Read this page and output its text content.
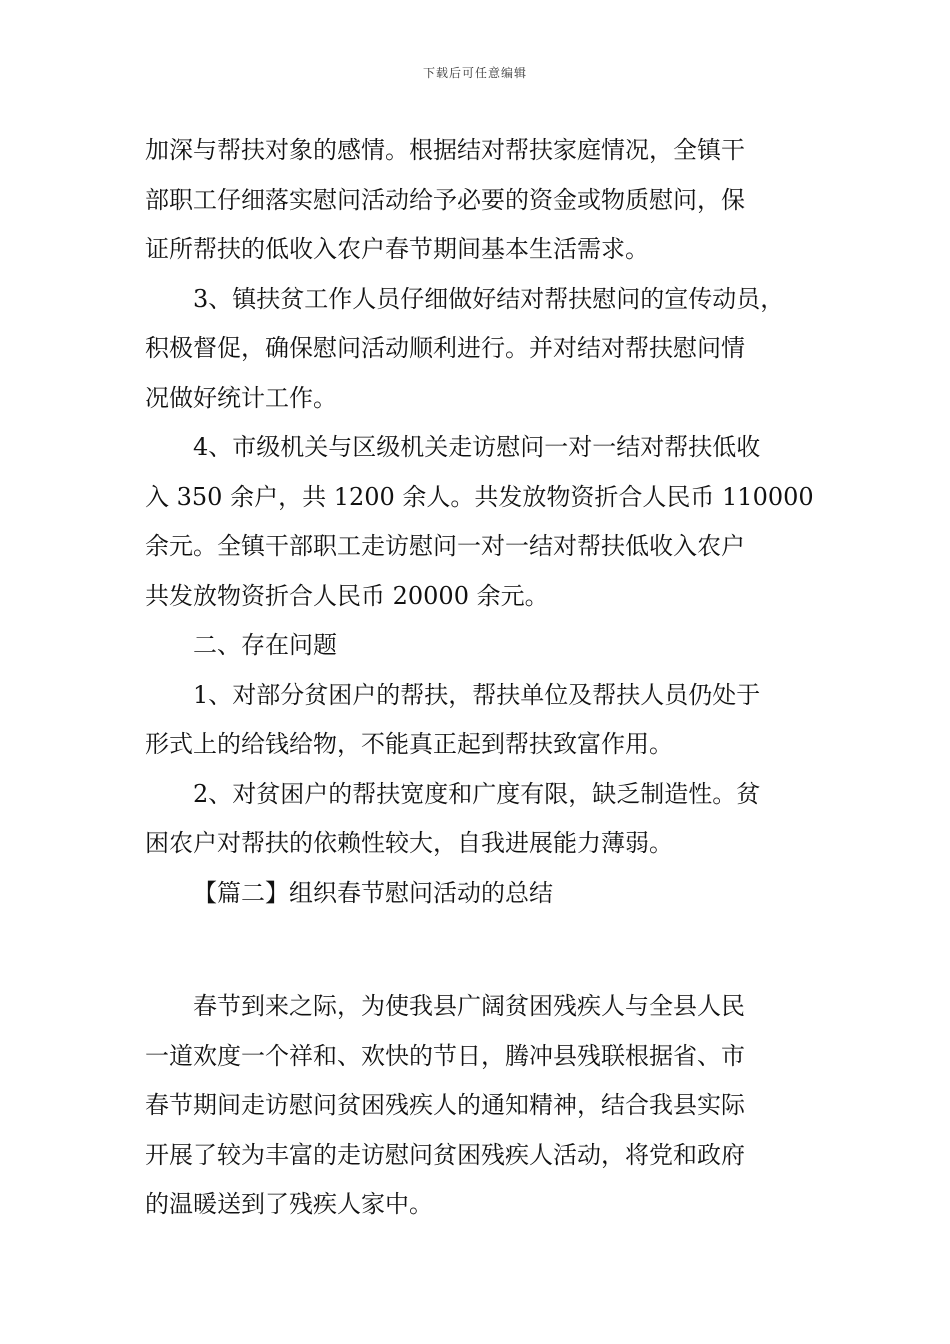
下载后可任意编辑
加深与帮扶对象的感情。根据结对帮扶家庭情况，全镇干
部职工仔细落实慰问活动给予必要的资金或物质慰问，保
证所帮扶的低收入农户春节期间基本生活需求。
3、镇扶贫工作人员仔细做好结对帮扶慰问的宣传动员，
积极督促，确保慰问活动顺利进行。并对结对帮扶慰问情
况做好统计工作。
4、市级机关与区级机关走访慰问一对一结对帮扶低收
入 350 余户，共 1200 余人。共发放物资折合人民币 110000
余元。全镇干部职工走访慰问一对一结对帮扶低收入农户
共发放物资折合人民币 20000 余元。
二、存在问题
1、对部分贫困户的帮扶，帮扶单位及帮扶人员仍处于
形式上的给钱给物，不能真正起到帮扶致富作用。
2、对贫困户的帮扶宽度和广度有限，缺乏制造性。贫
困农户对帮扶的依赖性较大，自我进展能力薄弱。
【篇二】组织春节慰问活动的总结
春节到来之际，为使我县广阔贫困残疾人与全县人民
一道欢度一个祥和、欢快的节日，腾冲县残联根据省、市
春节期间走访慰问贫困残疾人的通知精神，结合我县实际
开展了较为丰富的走访慰问贫困残疾人活动，将党和政府
的温暖送到了残疾人家中。
